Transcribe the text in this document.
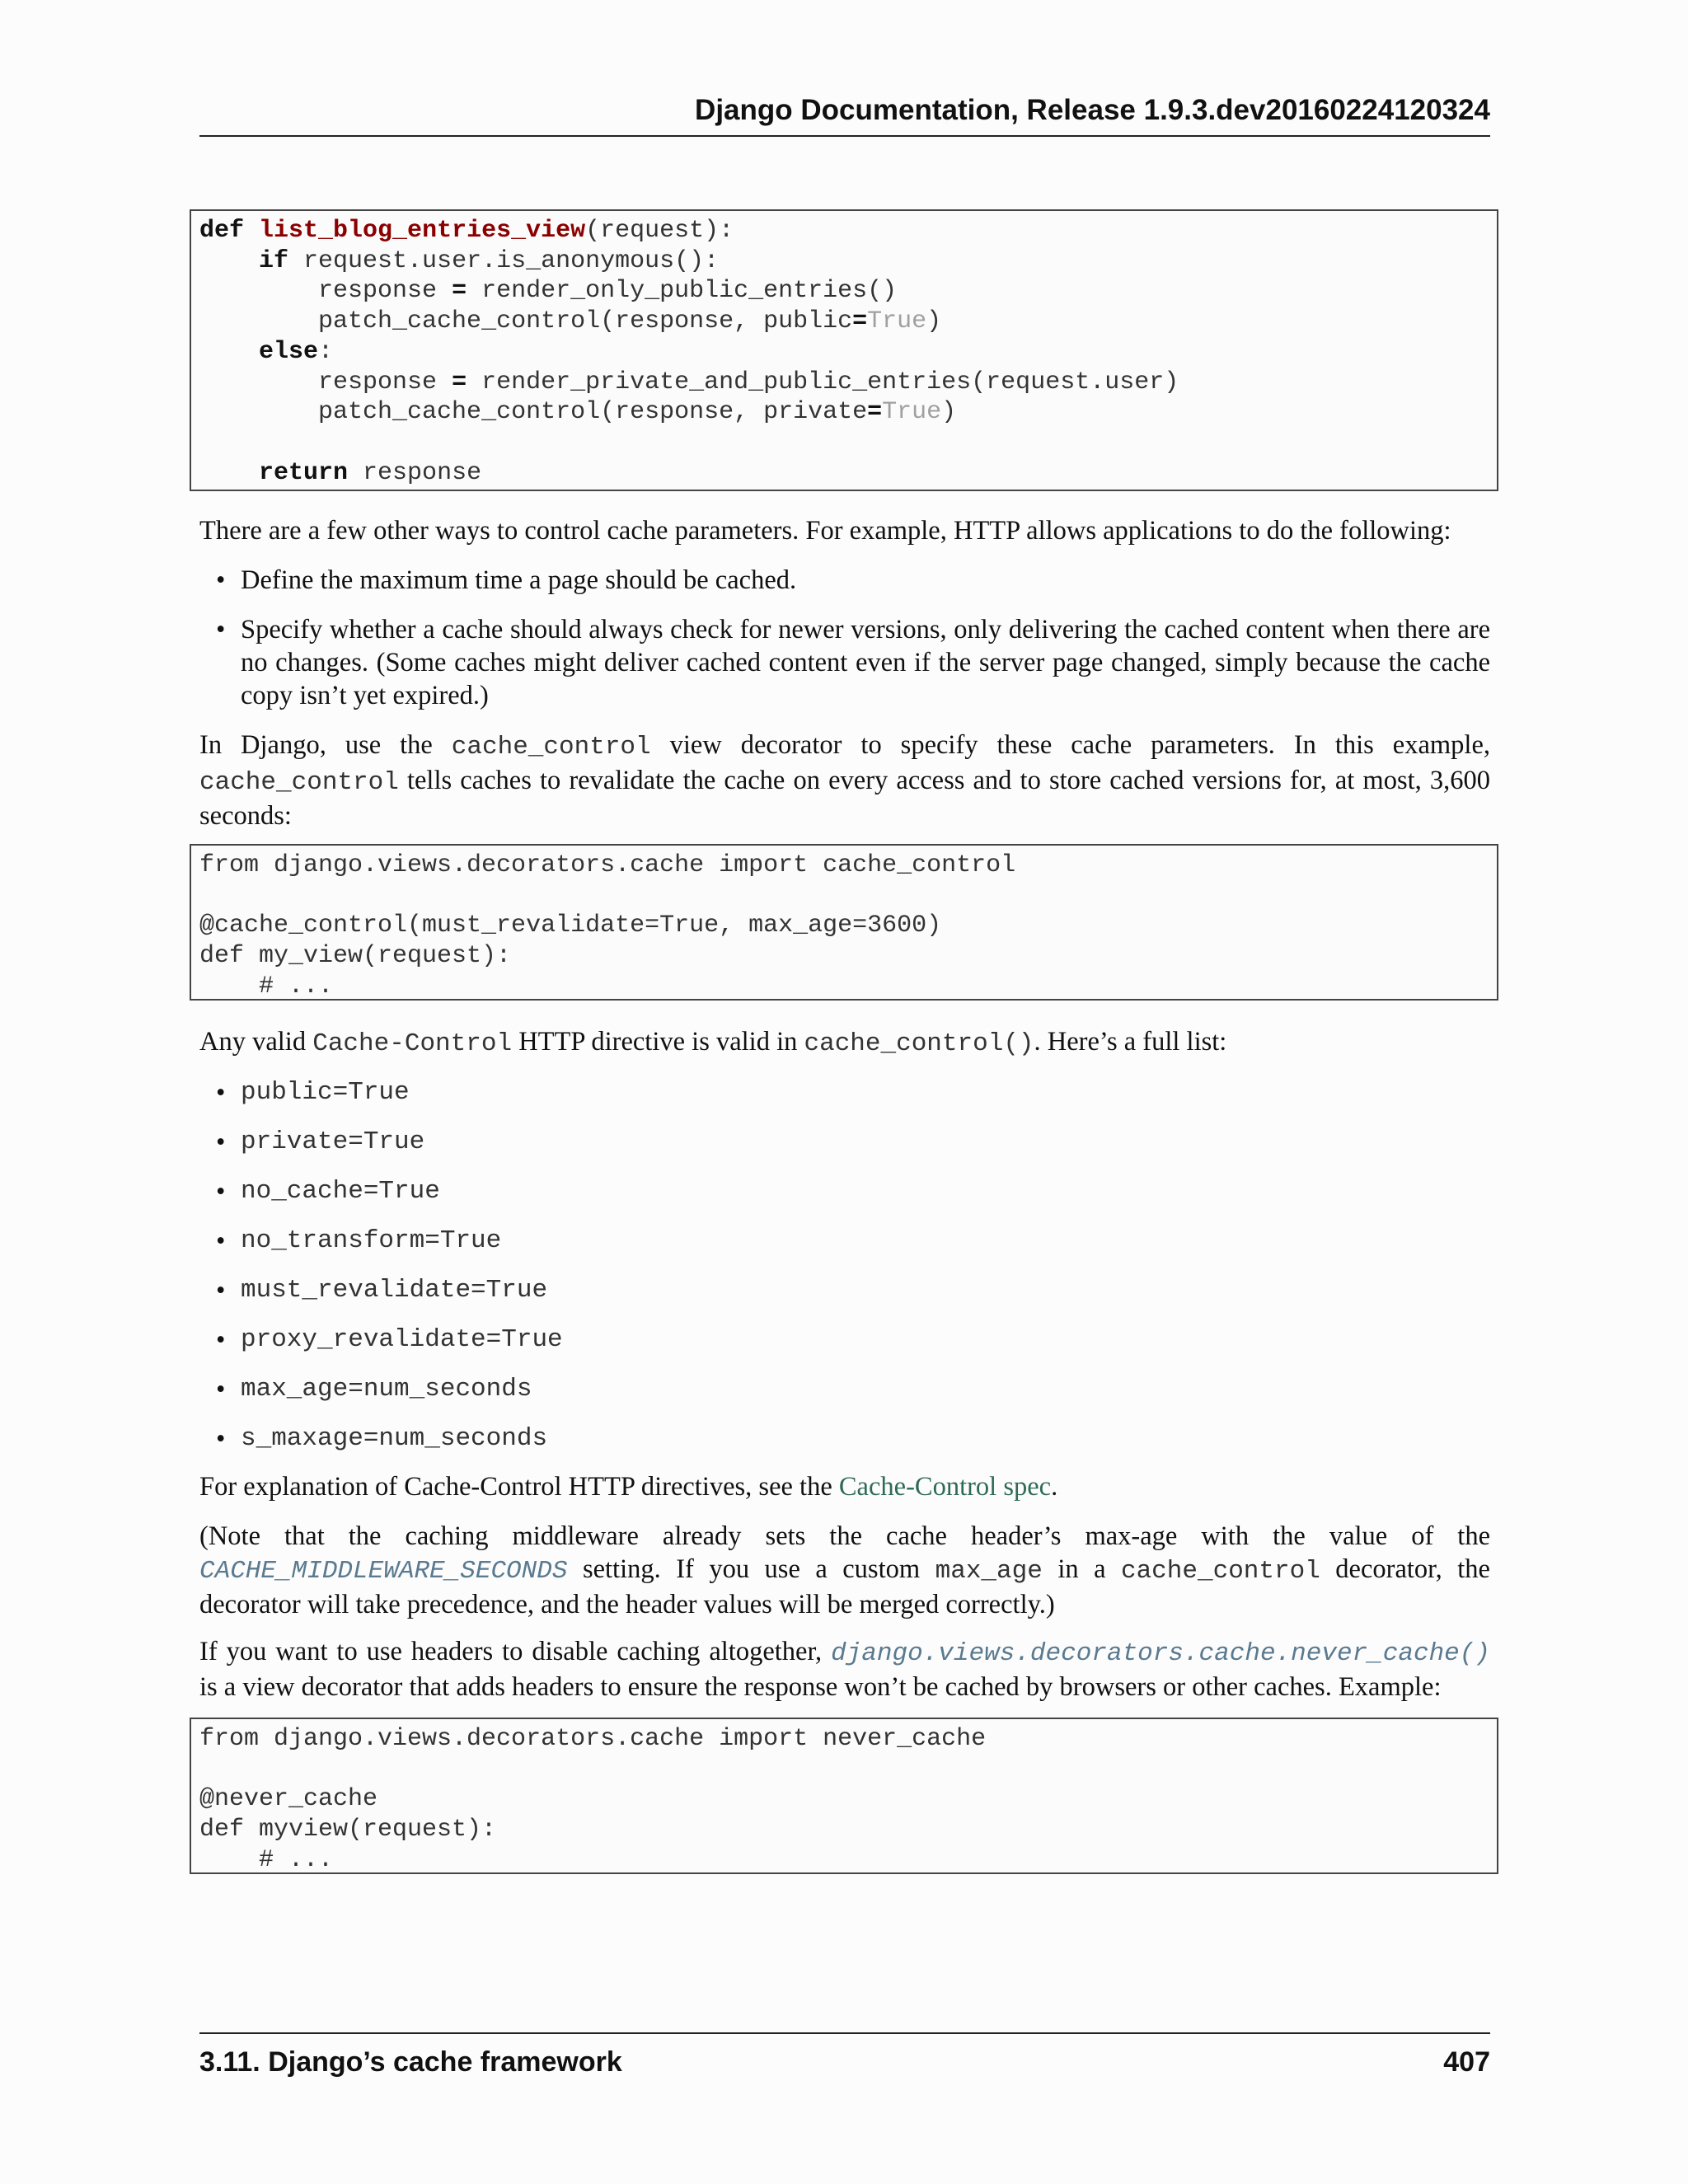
Django Documentation, Release 1.9.3.dev20160224120324
def list_blog_entries_view(request):
if request.user.is_anonymous():
response = render_only_public_entries()
patch_cache_control(response, public=True)
else:
response = render_private_and_public_entries(request.user)
patch_cache_control(response, private=True)

return response
There are a few other ways to control cache parameters. For example, HTTP allows applications to do the following:
• Define the maximum time a page should be cached.
• Specify whether a cache should always check for newer versions, only delivering the cached content when there are no changes. (Some caches might deliver cached content even if the server page changed, simply because the cache copy isn’t yet expired.)
In Django, use the cache_control view decorator to specify these cache parameters. In this example, cache_control tells caches to revalidate the cache on every access and to store cached versions for, at most, 3,600 seconds:
from django.views.decorators.cache import cache_control

@cache_control(must_revalidate=True, max_age=3600)
def my_view(request):
# ...
Any valid Cache-Control HTTP directive is valid in cache_control(). Here’s a full list:
• public=True
• private=True
• no_cache=True
• no_transform=True
• must_revalidate=True
• proxy_revalidate=True
• max_age=num_seconds
• s_maxage=num_seconds
For explanation of Cache-Control HTTP directives, see the Cache-Control spec.
(Note that the caching middleware already sets the cache header’s max-age with the value of the CACHE_MIDDLEWARE_SECONDS setting. If you use a custom max_age in a cache_control decorator, the decorator will take precedence, and the header values will be merged correctly.)
If you want to use headers to disable caching altogether, django.views.decorators.cache.never_cache() is a view decorator that adds headers to ensure the response won’t be cached by browsers or other caches. Example:
from django.views.decorators.cache import never_cache

@never_cache
def myview(request):
# ...
3.11. Django’s cache framework	407
